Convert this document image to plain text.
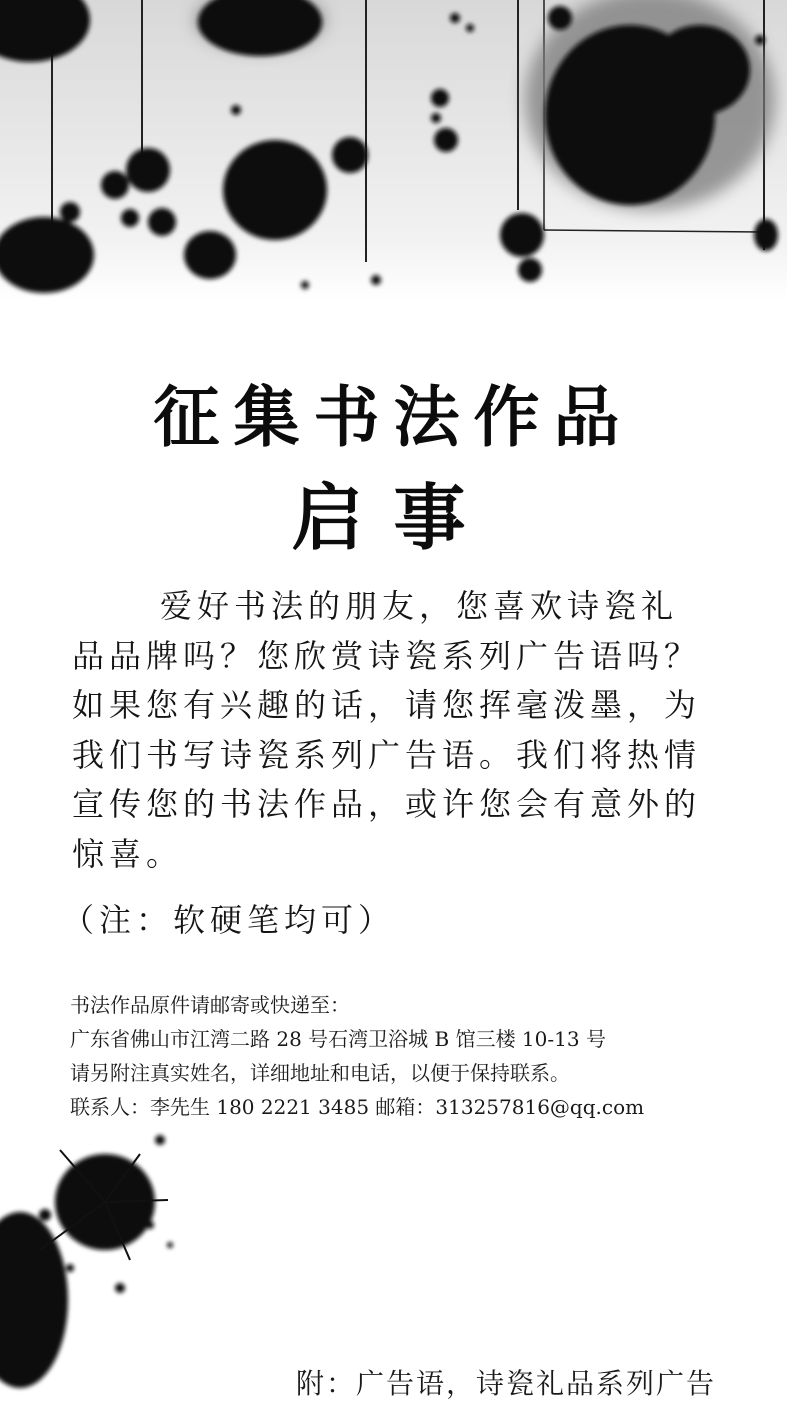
征集书法作品
启事

爱好书法的朋友，您喜欢诗瓷礼品品牌吗？您欣赏诗瓷系列广告语吗？如果您有兴趣的话，请您挥毫泼墨，为我们书写诗瓷系列广告语。我们将热情宣传您的书法作品，或许您会有意外的惊喜。

（注：软硬笔均可）

书法作品原件请邮寄或快递至：

广东省佛山市江湾二路 28 号石湾卫浴城 B 馆三楼 10-13 号

请另附注真实姓名，详细地址和电话，以便于保持联系。

联系人：李先生 180 2221 3485 邮箱：313257816@qq.com

附：广告语，诗瓷礼品系列广告
